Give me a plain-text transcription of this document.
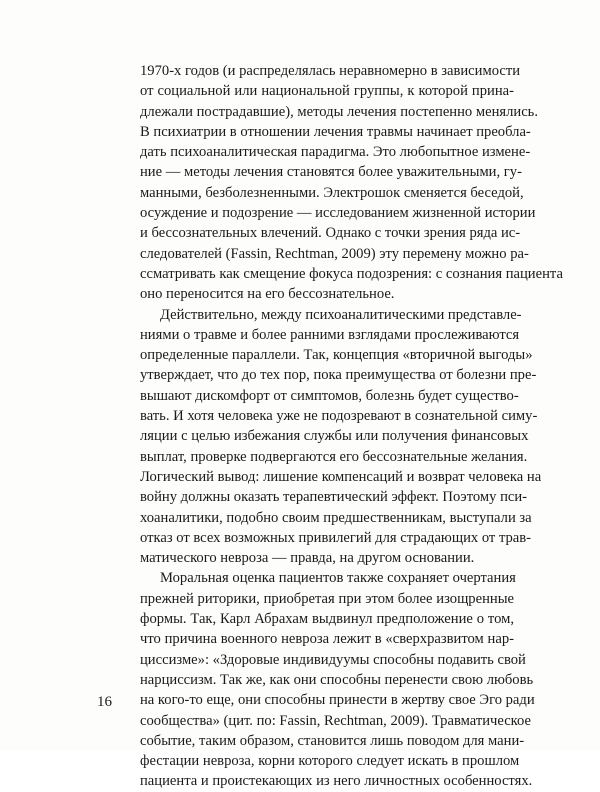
1970-х годов (и распределялась неравномерно в зависимости
от социальной или национальной группы, к которой прина-
длежали пострадавшие), методы лечения постепенно менялись.
В психиатрии в отношении лечения травмы начинает преобла-
дать психоаналитическая парадигма. Это любопытное измене-
ние — методы лечения становятся более уважительными, гу-
манными, безболезненными. Электрошок сменяется беседой,
осуждение и подозрение — исследованием жизненной истории
и бессознательных влечений. Однако с точки зрения ряда ис-
следователей (Fassin, Rechtman, 2009) эту перемену можно ра-
ссматривать как смещение фокуса подозрения: с сознания пациента
оно переносится на его бессознательное.

Действительно, между психоаналитическими представле-
ниями о травме и более ранними взглядами прослеживаются
определенные параллели. Так, концепция «вторичной выгоды»
утверждает, что до тех пор, пока преимущества от болезни пре-
вышают дискомфорт от симптомов, болезнь будет существо-
вать. И хотя человека уже не подозревают в сознательной симу-
ляции с целью избежания службы или получения финансовых
выплат, проверке подвергаются его бессознательные желания.
Логический вывод: лишение компенсаций и возврат человека на
войну должны оказать терапевтический эффект. Поэтому пси-
хоаналитики, подобно своим предшественникам, выступали за
отказ от всех возможных привилегий для страдающих от трав-
матического невроза — правда, на другом основании.

Моральная оценка пациентов также сохраняет очертания
прежней риторики, приобретая при этом более изощренные
формы. Так, Карл Абрахам выдвинул предположение о том,
что причина военного невроза лежит в «сверхразвитом нар-
циссизме»: «Здоровые индивидуумы способны подавить свой
нарциссизм. Так же, как они способны перенести свою любовь
на кого-то еще, они способны принести в жертву свое Эго ради
сообщества» (цит. по: Fassin, Rechtman, 2009). Травматическое
событие, таким образом, становится лишь поводом для мани-
фестации невроза, корни которого следует искать в прошлом
пациента и проистекающих из него личностных особенностях.

16
